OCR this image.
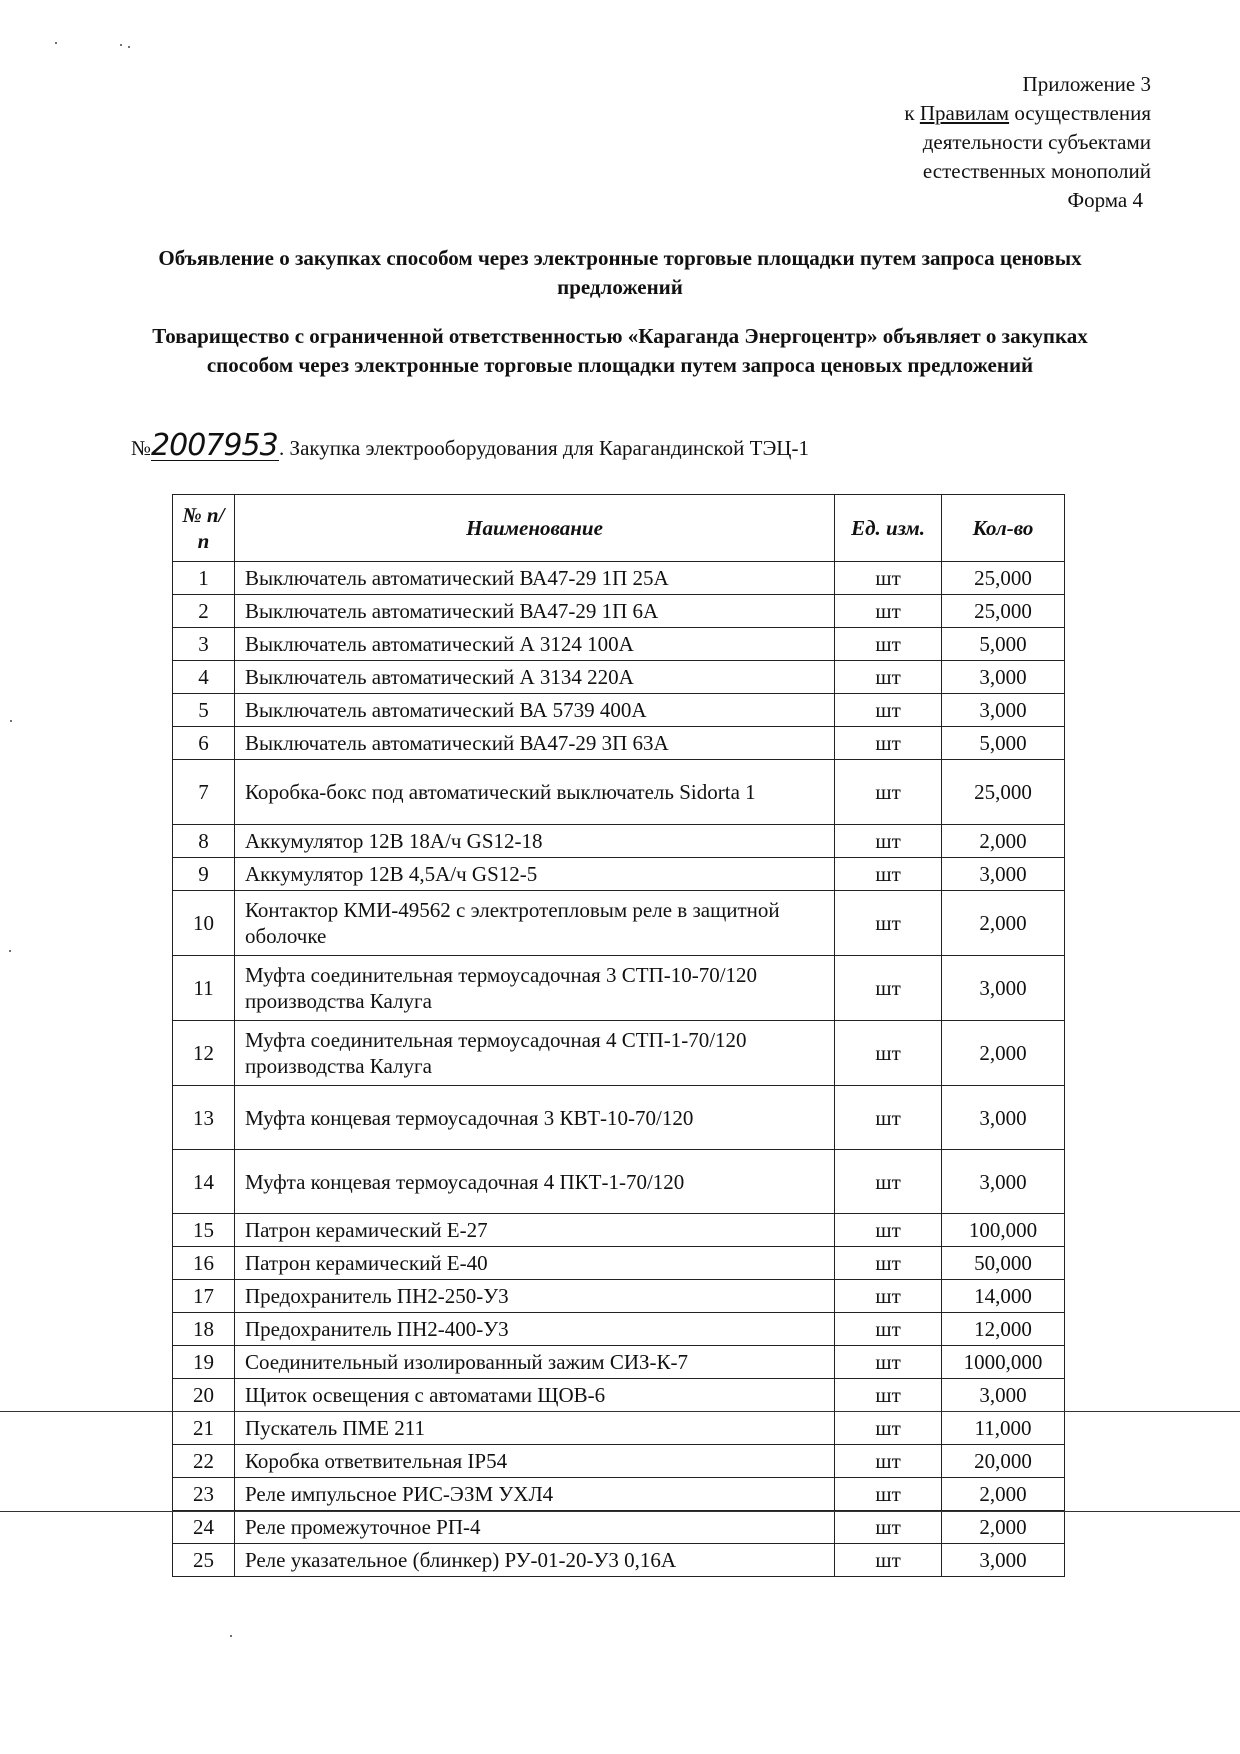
Приложение 3
к Правилам осуществления
деятельности субъектами
естественных монополий
Форма 4
Объявление о закупках способом через электронные торговые площадки путем запроса ценовых предложений
Товарищество с ограниченной ответственностью «Караганда Энергоцентр» объявляет о закупках способом через электронные торговые площадки путем запроса ценовых предложений
№2007953. Закупка электрооборудования для Карагандинской ТЭЦ-1
№ п/п	Наименование	Ед. изм.	Кол-во
1	Выключатель автоматический ВА47-29 1П 25А	шт	25,000
2	Выключатель автоматический ВА47-29 1П 6А	шт	25,000
3	Выключатель автоматический А 3124 100А	шт	5,000
4	Выключатель автоматический А 3134 220А	шт	3,000
5	Выключатель автоматический ВА 5739 400А	шт	3,000
6	Выключатель автоматический ВА47-29 3П 63А	шт	5,000
7	Коробка-бокс под автоматический выключатель Sidorta 1	шт	25,000
8	Аккумулятор 12В 18А/ч GS12-18	шт	2,000
9	Аккумулятор 12В 4,5А/ч GS12-5	шт	3,000
10	Контактор КМИ-49562 с электротепловым реле в защитной оболочке	шт	2,000
11	Муфта соединительная термоусадочная 3 СТП-10-70/120 производства Калуга	шт	3,000
12	Муфта соединительная термоусадочная 4 СТП-1-70/120 производства Калуга	шт	2,000
13	Муфта концевая термоусадочная 3 КВТ-10-70/120	шт	3,000
14	Муфта концевая термоусадочная 4 ПКТ-1-70/120	шт	3,000
15	Патрон керамический Е-27	шт	100,000
16	Патрон керамический Е-40	шт	50,000
17	Предохранитель ПН2-250-У3	шт	14,000
18	Предохранитель ПН2-400-У3	шт	12,000
19	Соединительный изолированный зажим СИЗ-К-7	шт	1000,000
20	Щиток освещения с автоматами ЩОВ-6	шт	3,000
21	Пускатель ПМЕ 211	шт	11,000
22	Коробка ответвительная IP54	шт	20,000
23	Реле импульсное РИС-ЭЗМ УХЛ4	шт	2,000
24	Реле промежуточное РП-4	шт	2,000
25	Реле указательное (блинкер) РУ-01-20-У3 0,16А	шт	3,000
